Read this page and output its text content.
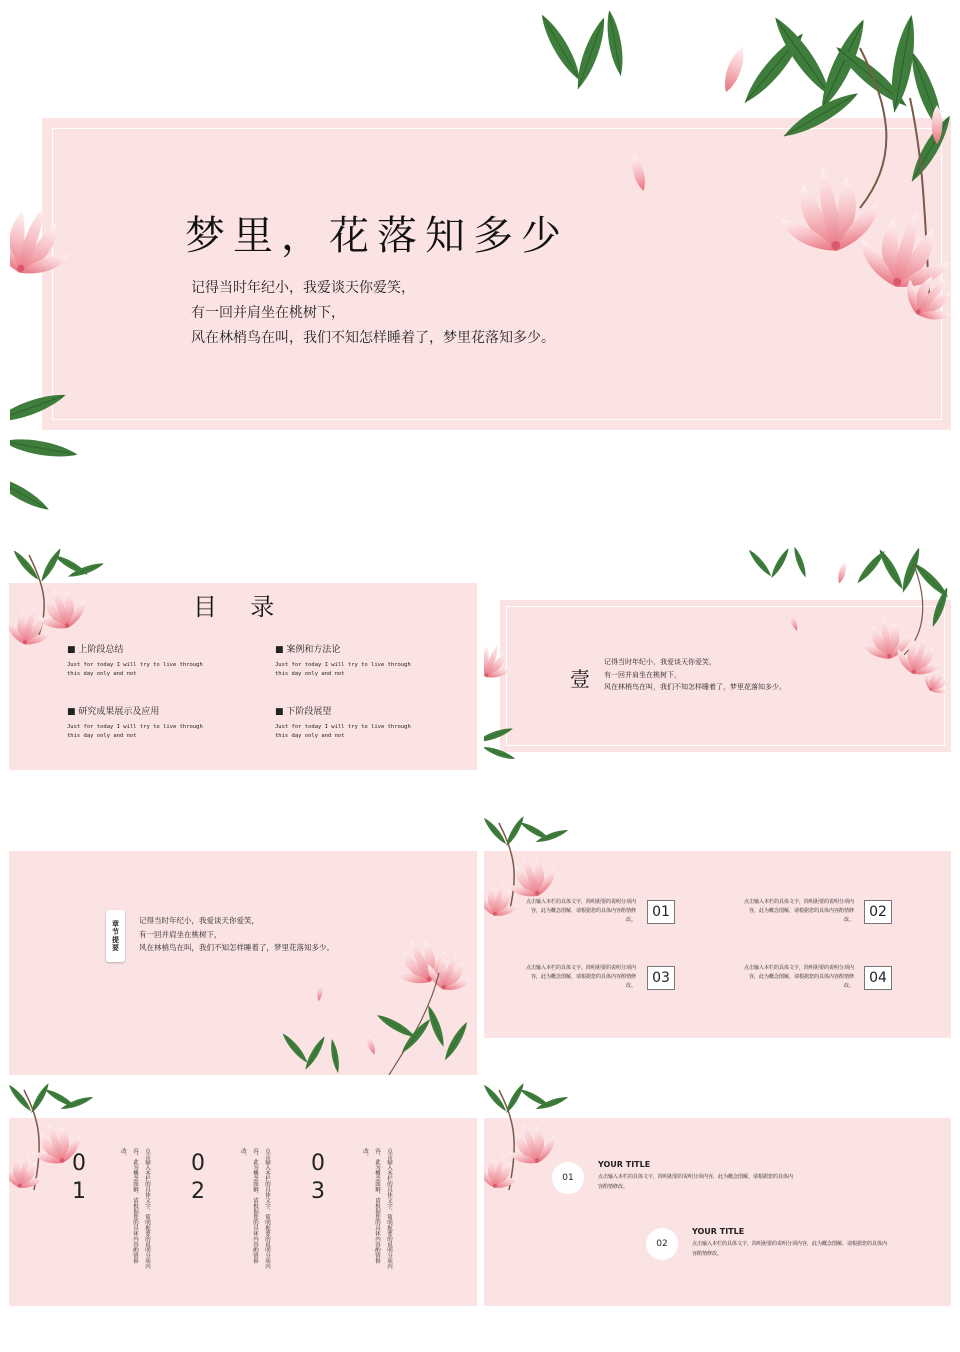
梦里，花落知多少
记得当时年纪小，我爱谈天你爱笑，
有一回并肩坐在桃树下，
风在林梢鸟在叫，我们不知怎样睡着了，梦里花落知多少。
目  录
■ 上阶段总结
Just for today I will try to live through
this day only and not
■ 案例和方法论
Just for today I will try to live through
this day only and not
■ 研究成果展示及应用
Just for today I will try to live through
this day only and not
■ 下阶段展望
Just for today I will try to live through
this day only and not
壹
记得当时年纪小，我爱谈天你爱笑，
有一回并肩坐在桃树下，
风在林梢鸟在叫，我们不知怎样睡着了，梦里花落知多少。
章节提要 记得当时年纪小，我爱谈天你爱笑，
有一回并肩坐在桃树下，
风在林梢鸟在叫，我们不知怎样睡着了，梦里花落知多少。
点击输入本栏的具体文字，简明扼要的说明分项内容，此为概念图解，请根据您的具体内容酌情修改。	01
点击输入本栏的具体文字，简明扼要的说明分项内容，此为概念图解，请根据您的具体内容酌情修改。	02
点击输入本栏的具体文字，简明扼要的说明分项内容，此为概念图解，请根据您的具体内容酌情修改。	03
点击输入本栏的具体文字，简明扼要的说明分项内容，此为概念图解，请根据您的具体内容酌情修改。	04
0
1	点击输入本栏的具体文字，简明扼要的说明分项内容，此为概念图解，请根据您的具体内容酌情修改。	0
2	点击输入本栏的具体文字，简明扼要的说明分项内容，此为概念图解，请根据您的具体内容酌情修改。	0
3	点击输入本栏的具体文字，简明扼要的说明分项内容，此为概念图解，请根据您的具体内容酌情修改。
01
YOUR TITLE
点击输入本栏的具体文字，简明扼要的说明分项内容，此为概念图解，请根据您的具体内
容酌情修改。
02
YOUR TITLE
点击输入本栏的具体文字，简明扼要的说明分项内容，此为概念图解，请根据您的具体内
容酌情修改。
